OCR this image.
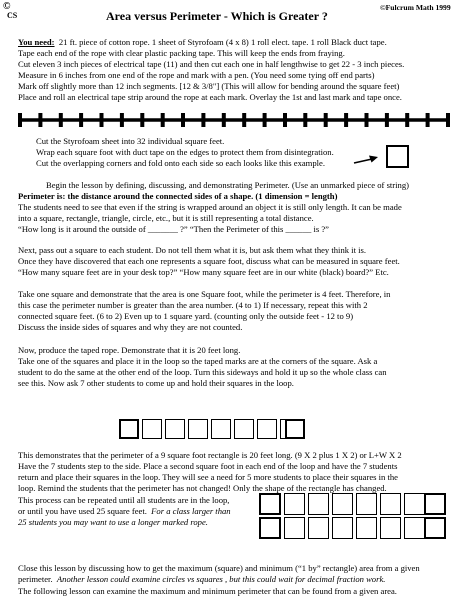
©
CS	Area versus Perimeter - Which is Greater ?
©Fulcrum Math 1999
You need: 21 ft. piece of cotton rope. 1 sheet of Styrofoam (4 x 8) 1 roll elect. tape. 1 roll Black duct tape.
Tape each end of the rope with clear plastic packing tape. This will keep the ends from fraying.
Cut eleven 3 inch pieces of electrical tape (11) and then cut each one in half lengthwise to get 22 - 3 inch pieces.
Measure in 6 inches from one end of the rope and mark with a pen. (You need some tying off end parts)
Mark off slightly more than 12 inch segments. [12 & 3/8"] (This will allow for bending around the square feet)
Place and roll an electrical tape strip around the rope at each mark. Overlay the 1st and last mark and tape once.
Cut the Styrofoam sheet into 32 individual square feet.
Wrap each square foot with duct tape on the edges to protect them from disintegration.
Cut the overlapping corners and fold onto each side so each looks like this example.
Begin the lesson by defining, discussing, and demonstrating Perimeter. (Use an unmarked piece of string)
Perimeter is: the distance around the connected sides of a shape. (1 dimension = length)
The students need to see that even if the string is wrapped around an object it is still only length. It can be made
into a square, rectangle, triangle, circle, etc., but it is still representing a total distance.
“How long is it around the outside of _______ ?” “Then the Perimeter of this ______ is ?”
Next, pass out a square to each student. Do not tell them what it is, but ask them what they think it is.
Once they have discovered that each one represents a square foot, discuss what can be measured in square feet.
“How many square feet are in your desk top?” “How many square feet are in our white (black) board?” Etc.
Take one square and demonstrate that the area is one Square foot, while the perimeter is 4 feet. Therefore, in
this case the perimeter number is greater than the area number. (4 to 1) If necessary, repeat this with 2
connected square feet. (6 to 2) Even up to 1 square yard. (counting only the outside feet - 12 to 9)
Discuss the inside sides of squares and why they are not counted.
Now, produce the taped rope. Demonstrate that it is 20 feet long.
Take one of the squares and place it in the loop so the taped marks are at the corners of the square. Ask a
student to do the same at the other end of the loop. Turn this sideways and hold it up so the whole class can
see this. Now ask 7 other students to come up and hold their squares in the loop.
This demonstrates that the perimeter of a 9 square foot rectangle is 20 feet long. (9 X 2 plus 1 X 2) or L+W X 2
Have the 7 students step to the side. Place a second square foot in each end of the loop and have the 7 students
return and place their squares in the loop. They will see a need for 5 more students to place their squares in the
loop. Remind the students that the perimeter has not changed! Only the shape of the rectangle has changed.
This process can be repeated until all students are in the loop,
or until you have used 25 square feet. For a class larger than
25 students you may want to use a longer marked rope.
Close this lesson by discussing how to get the maximum (square) and minimum (“1 by” rectangle) area from a given
perimeter. Another lesson could examine circles vs squares , but this could wait for decimal fraction work.
The following lesson can examine the maximum and minimum perimeter that can be found from a given area.
